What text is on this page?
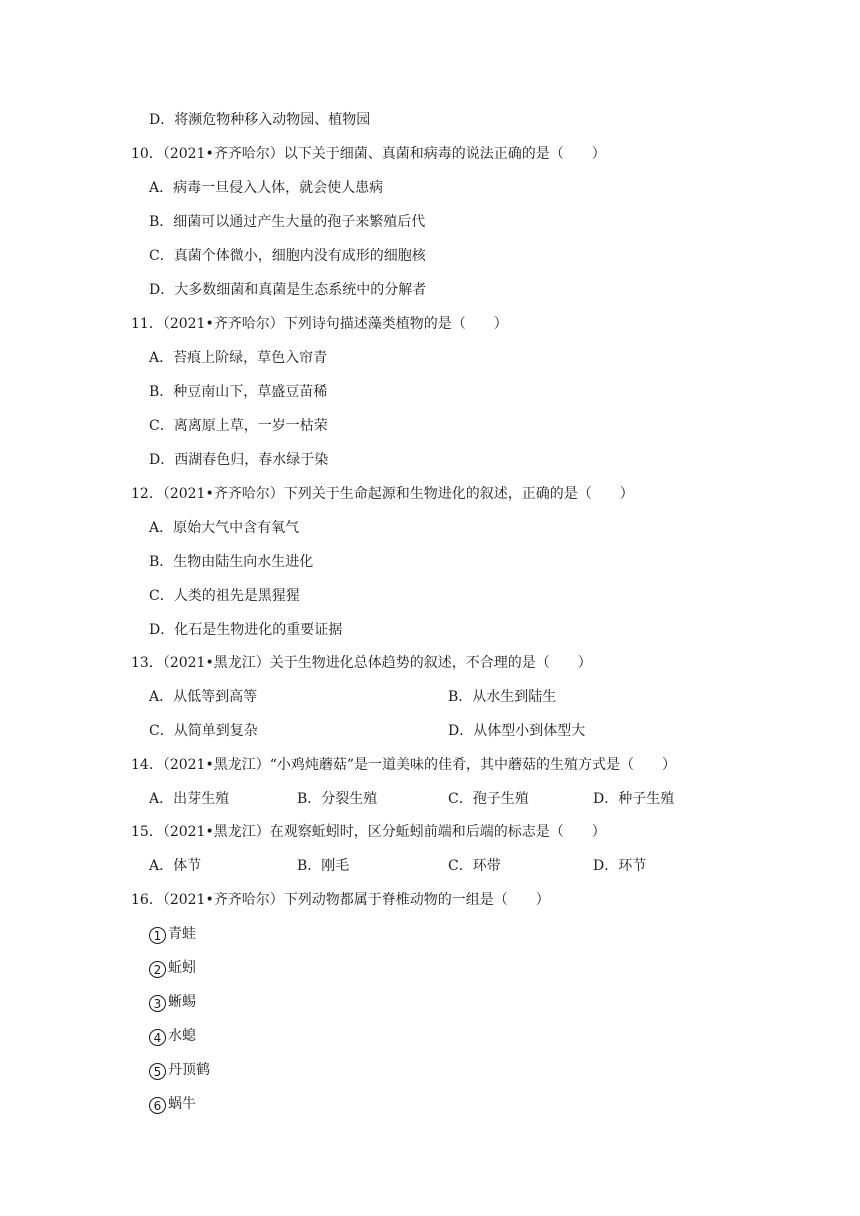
D．将濒危物种移入动物园、植物园
10．（2021•齐齐哈尔）以下关于细菌、真菌和病毒的说法正确的是（　　）
A．病毒一旦侵入人体，就会使人患病
B．细菌可以通过产生大量的孢子来繁殖后代
C．真菌个体微小，细胞内没有成形的细胞核
D．大多数细菌和真菌是生态系统中的分解者
11．（2021•齐齐哈尔）下列诗句描述藻类植物的是（　　）
A．苔痕上阶绿，草色入帘青
B．种豆南山下，草盛豆苗稀
C．离离原上草，一岁一枯荣
D．西湖春色归，春水绿于染
12．（2021•齐齐哈尔）下列关于生命起源和生物进化的叙述，正确的是（　　）
A．原始大气中含有氧气
B．生物由陆生向水生进化
C．人类的祖先是黑猩猩
D．化石是生物进化的重要证据
13．（2021•黑龙江）关于生物进化总体趋势的叙述，不合理的是（　　）
A．从低等到高等	B．从水生到陆生
C．从简单到复杂	D．从体型小到体型大
14．（2021•黑龙江）“小鸡炖蘑菇”是一道美味的佳肴，其中蘑菇的生殖方式是（　　）
A．出芽生殖	B．分裂生殖	C．孢子生殖	D．种子生殖
15．（2021•黑龙江）在观察蚯蚓时，区分蚯蚓前端和后端的标志是（　　）
A．体节	B．刚毛	C．环带	D．环节
16．（2021•齐齐哈尔）下列动物都属于脊椎动物的一组是（　　）
1 青蛙
2 蚯蚓
3 蜥蜴
4 水螅
5 丹顶鹤
6 蜗牛
